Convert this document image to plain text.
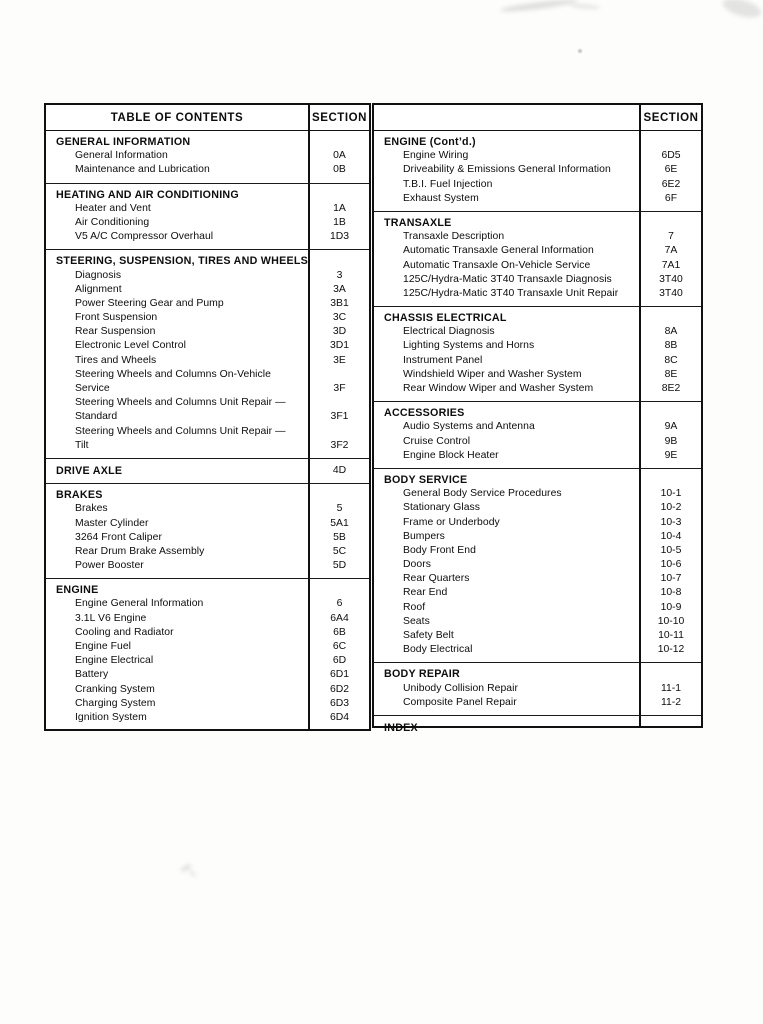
TABLE OF CONTENTS	SECTION
GENERAL INFORMATION
General Information	0A
Maintenance and Lubrication	0B
HEATING AND AIR CONDITIONING
Heater and Vent	1A
Air Conditioning	1B
V5 A/C Compressor Overhaul	1D3
STEERING, SUSPENSION, TIRES AND WHEELS
Diagnosis	3
Alignment	3A
Power Steering Gear and Pump	3B1
Front Suspension	3C
Rear Suspension	3D
Electronic Level Control	3D1
Tires and Wheels	3E
Steering Wheels and Columns On-Vehicle
Service	3F
Steering Wheels and Columns Unit Repair —
Standard	3F1
Steering Wheels and Columns Unit Repair —
Tilt	3F2
DRIVE AXLE	4D
BRAKES
Brakes	5
Master Cylinder	5A1
3264 Front Caliper	5B
Rear Drum Brake Assembly	5C
Power Booster	5D
ENGINE
Engine General Information	6
3.1L V6 Engine	6A4
Cooling and Radiator	6B
Engine Fuel	6C
Engine Electrical	6D
Battery	6D1
Cranking System	6D2
Charging System	6D3
Ignition System	6D4
SECTION
ENGINE (Cont’d.)
Engine Wiring	6D5
Driveability & Emissions General Information	6E
T.B.I. Fuel Injection	6E2
Exhaust System	6F
TRANSAXLE
Transaxle Description	7
Automatic Transaxle General Information	7A
Automatic Transaxle On-Vehicle Service	7A1
125C/Hydra-Matic 3T40 Transaxle Diagnosis	3T40
125C/Hydra-Matic 3T40 Transaxle Unit Repair	3T40
CHASSIS ELECTRICAL
Electrical Diagnosis	8A
Lighting Systems and Horns	8B
Instrument Panel	8C
Windshield Wiper and Washer System	8E
Rear Window Wiper and Washer System	8E2
ACCESSORIES
Audio Systems and Antenna	9A
Cruise Control	9B
Engine Block Heater	9E
BODY SERVICE
General Body Service Procedures	10-1
Stationary Glass	10-2
Frame or Underbody	10-3
Bumpers	10-4
Body Front End	10-5
Doors	10-6
Rear Quarters	10-7
Rear End	10-8
Roof	10-9
Seats	10-10
Safety Belt	10-11
Body Electrical	10-12
BODY REPAIR
Unibody Collision Repair	11-1
Composite Panel Repair	11-2
INDEX
